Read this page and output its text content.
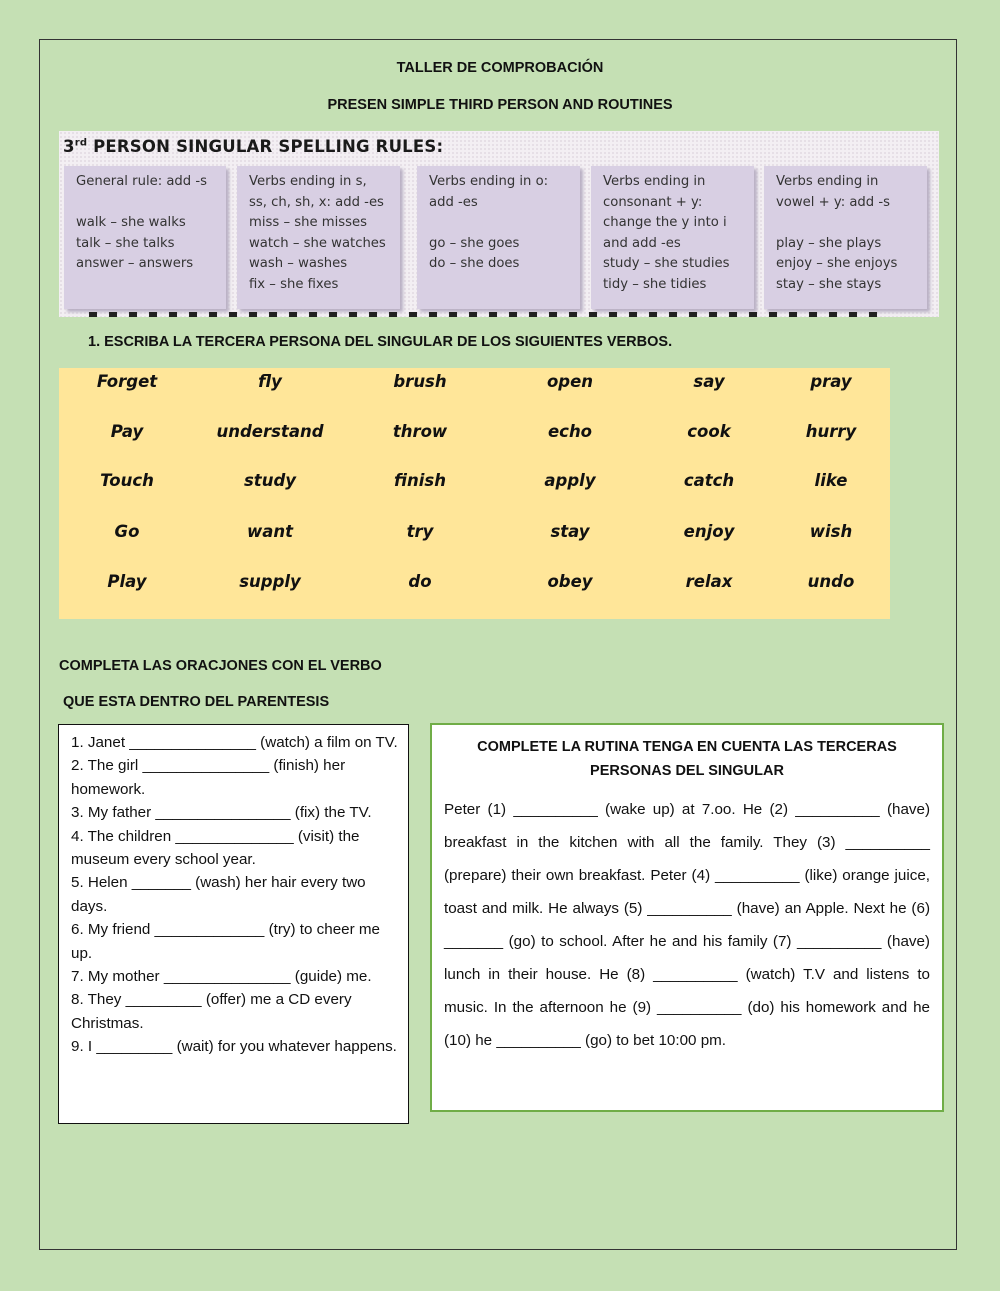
TALLER DE COMPROBACIÓN
PRESEN SIMPLE THIRD PERSON AND ROUTINES
3rd PERSON SINGULAR SPELLING RULES:
General rule: add -s

walk – she walks
talk – she talks
answer – answers
Verbs ending in s,
ss, ch, sh, x: add -es
miss – she misses
watch – she watches
wash – washes
fix – she fixes
Verbs ending in o:
add -es

go – she goes
do – she does
Verbs ending in
consonant + y:
change the y into i
and add -es
study – she studies
tidy – she tidies
Verbs ending in
vowel + y: add -s

play – she plays
enjoy – she enjoys
stay – she stays
1. ESCRIBA LA TERCERA PERSONA DEL SINGULAR DE LOS SIGUIENTES VERBOS.
Forget	fly	brush	open	say	pray
Pay	understand	throw	echo	cook	hurry
Touch	study	finish	apply	catch	like
Go	want	try	stay	enjoy	wish
Play	supply	do	obey	relax	undo
COMPLETA LAS ORACJONES CON EL VERBO
QUE ESTA DENTRO DEL PARENTESIS

1. Janet _______________ (watch) a film on TV.

2. The girl _______________ (finish) her homework.

3. My father ________________ (fix) the TV.

4. The children ______________ (visit) the museum every school year.

5. Helen _______ (wash) her hair every two days.

6. My friend _____________ (try) to cheer me up.

7. My mother _______________ (guide) me.

8. They _________ (offer) me a CD every Christmas.

9. I _________ (wait) for you whatever happens.

COMPLETE LA RUTINA TENGA EN CUENTA LAS TERCERAS PERSONAS DEL SINGULAR

Peter (1) __________ (wake up) at 7.oo. He (2) __________ (have) breakfast in the kitchen with all the family. They (3) __________ (prepare) their own breakfast. Peter (4) __________ (like) orange juice, toast and milk. He always (5) __________ (have) an Apple. Next he (6) _______ (go) to school. After he and his family (7) __________ (have) lunch in their house. He (8) __________ (watch) T.V and listens to music. In the afternoon he (9) __________ (do) his homework and he (10) he __________ (go) to bet 10:00 pm.
